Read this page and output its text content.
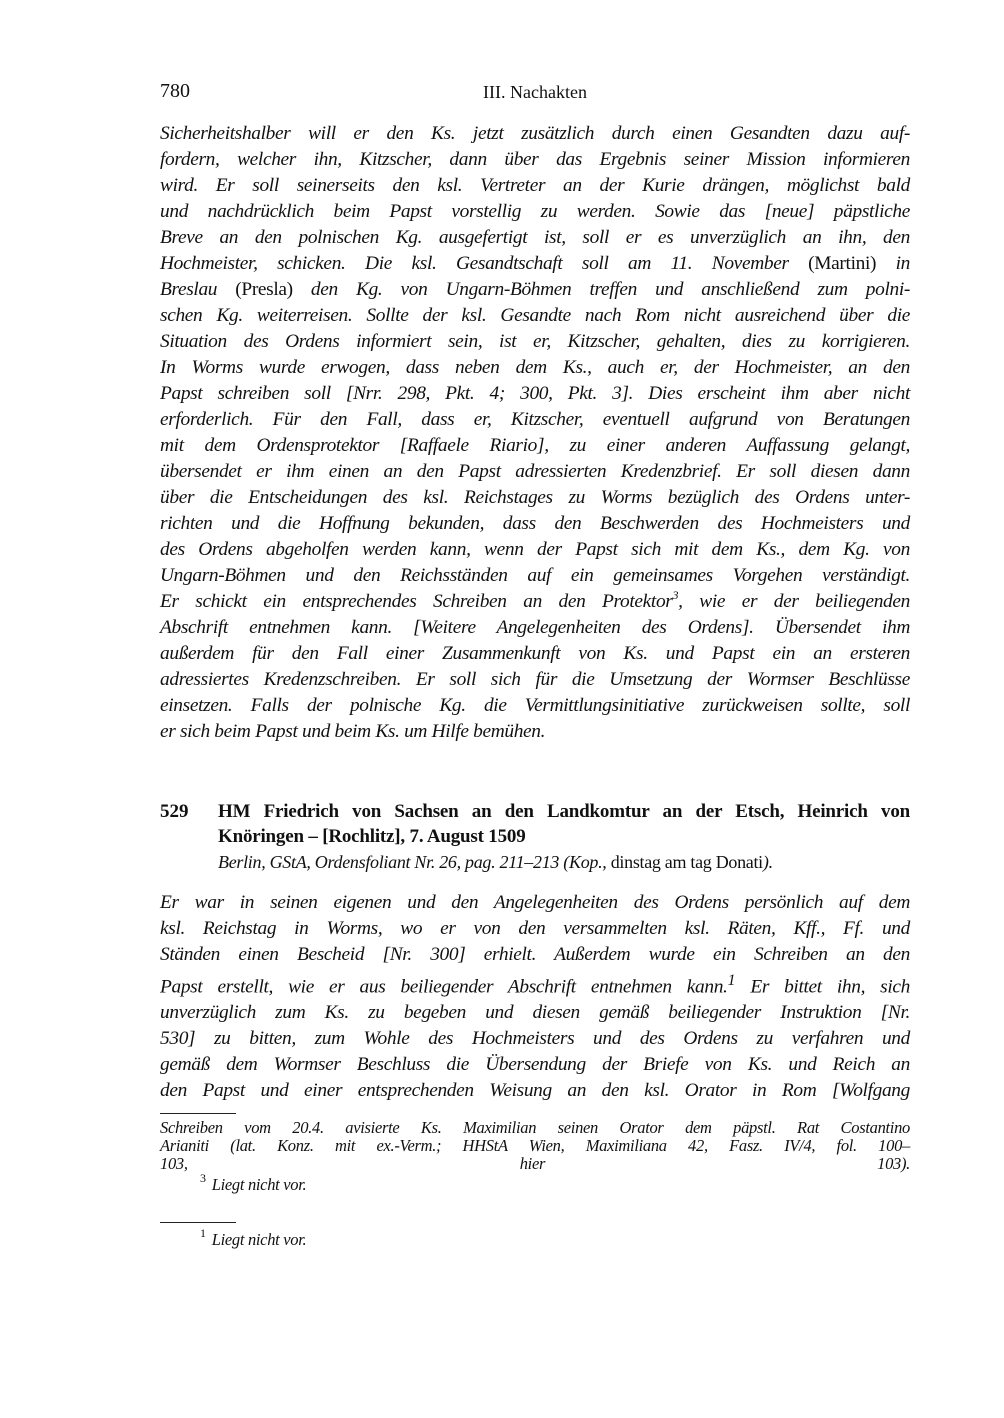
780	III. Nachakten
Sicherheitshalber will er den Ks. jetzt zusätzlich durch einen Gesandten dazu auf-
fordern, welcher ihn, Kitzscher, dann über das Ergebnis seiner Mission informieren
wird. Er soll seinerseits den ksl. Vertreter an der Kurie drängen, möglichst bald
und nachdrücklich beim Papst vorstellig zu werden. Sowie das [neue] päpstliche
Breve an den polnischen Kg. ausgefertigt ist, soll er es unverzüglich an ihn, den
Hochmeister, schicken. Die ksl. Gesandtschaft soll am 11. November (Martini) in
Breslau (Presla) den Kg. von Ungarn-Böhmen treffen und anschließend zum polni-
schen Kg. weiterreisen. Sollte der ksl. Gesandte nach Rom nicht ausreichend über die
Situation des Ordens informiert sein, ist er, Kitzscher, gehalten, dies zu korrigieren.
In Worms wurde erwogen, dass neben dem Ks., auch er, der Hochmeister, an den
Papst schreiben soll [Nrr. 298, Pkt. 4; 300, Pkt. 3]. Dies erscheint ihm aber nicht
erforderlich. Für den Fall, dass er, Kitzscher, eventuell aufgrund von Beratungen
mit dem Ordensprotektor [Raffaele Riario], zu einer anderen Auffassung gelangt,
übersendet er ihm einen an den Papst adressierten Kredenzbrief. Er soll diesen dann
über die Entscheidungen des ksl. Reichstages zu Worms bezüglich des Ordens unter-
richten und die Hoffnung bekunden, dass den Beschwerden des Hochmeisters und
des Ordens abgeholfen werden kann, wenn der Papst sich mit dem Ks., dem Kg. von
Ungarn-Böhmen und den Reichsständen auf ein gemeinsames Vorgehen verständigt.
Er schickt ein entsprechendes Schreiben an den Protektor$^3$, wie er der beiliegenden
Abschrift entnehmen kann. [Weitere Angelegenheiten des Ordens]. Übersendet ihm
außerdem für den Fall einer Zusammenkunft von Ks. und Papst ein an ersteren
adressiertes Kredenzschreiben. Er soll sich für die Umsetzung der Wormser Beschlüsse
einsetzen. Falls der polnische Kg. die Vermittlungsinitiative zurückweisen sollte, soll
er sich beim Papst und beim Ks. um Hilfe bemühen.
529 HM Friedrich von Sachsen an den Landkomtur an der Etsch, Heinrich von
Knöringen – [Rochlitz], 7. August 1509
Berlin, GStA, Ordensfoliant Nr. 26, pag. 211–213 (Kop., dinstag am tag Donati).
Er war in seinen eigenen und den Angelegenheiten des Ordens persönlich auf dem
ksl. Reichstag in Worms, wo er von den versammelten ksl. Räten, Kff., Ff. und
Ständen einen Bescheid [Nr. 300] erhielt. Außerdem wurde ein Schreiben an den
Papst erstellt, wie er aus beiliegender Abschrift entnehmen kann.$^1$ Er bittet ihn, sich
unverzüglich zum Ks. zu begeben und diesen gemäß beiliegender Instruktion [Nr.
530] zu bitten, zum Wohle des Hochmeisters und des Ordens zu verfahren und
gemäß dem Wormser Beschluss die Übersendung der Briefe von Ks. und Reich an
den Papst und einer entsprechenden Weisung an den ksl. Orator in Rom [Wolfgang
Schreiben vom 20.4. avisierte Ks. Maximilian seinen Orator dem päpstl. Rat Costantino
Arianiti (lat. Konz. mit ex.-Verm.; HHStA Wien, Maximiliana 42, Fasz. IV/4, fol. 100–
103, hier 103).
$^3$ Liegt nicht vor.
$^1$ Liegt nicht vor.
